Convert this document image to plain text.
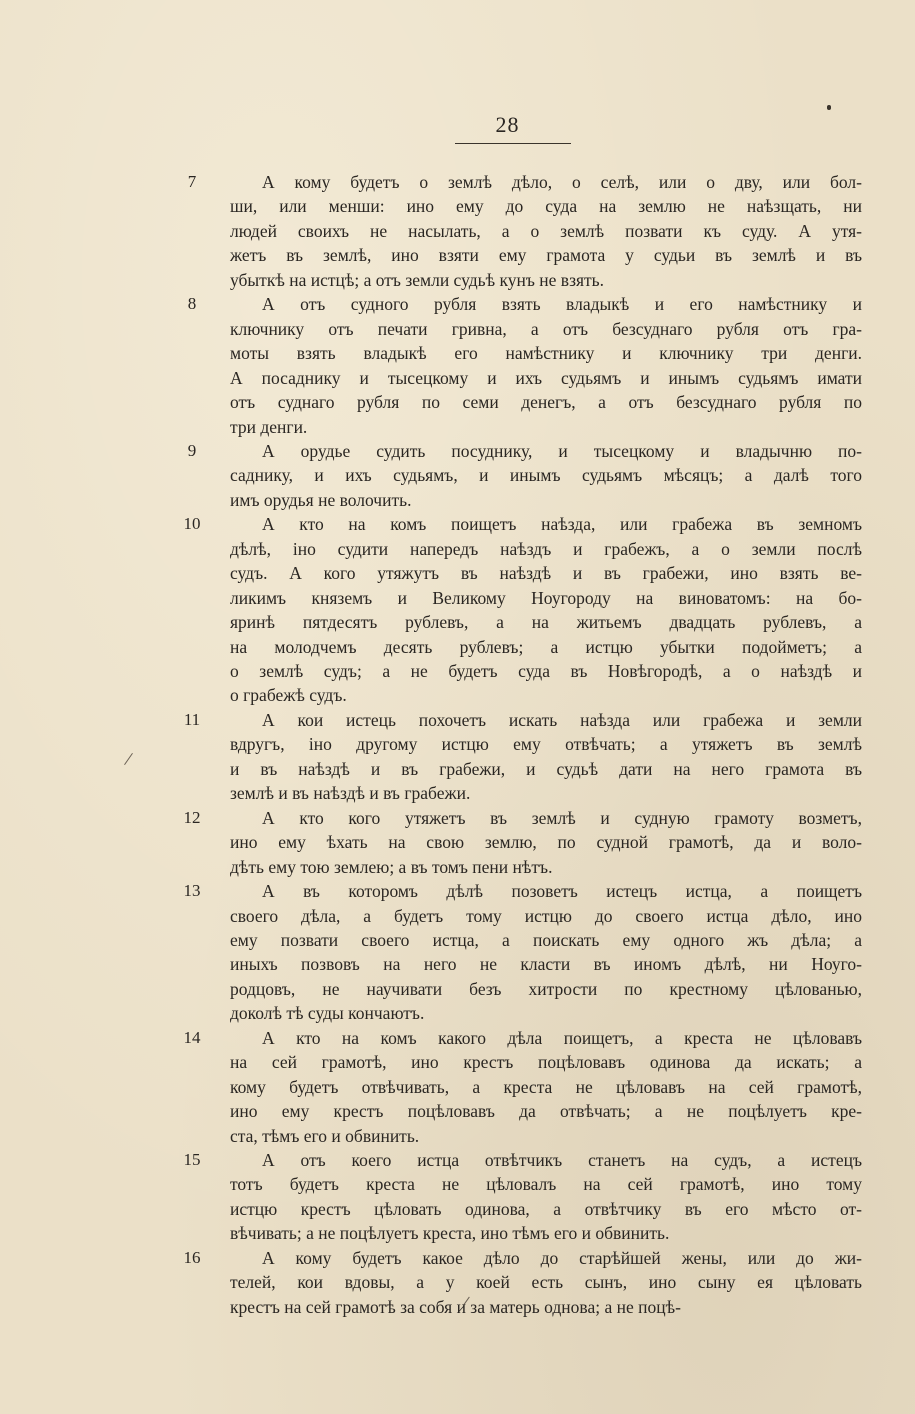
28
7	А кому будетъ о землѣ дѣло, о селѣ, или о дву, или бол-
ши, или менши: ино ему до суда на землю не наѣзщать, ни
людей своихъ не насылать, а о землѣ позвати къ суду. А утя-
жетъ въ землѣ, ино взяти ему грамота у судьи въ землѣ и въ
убыткѣ на истцѣ; а отъ земли судьѣ кунъ не взять.
8	А отъ судного рубля взять владыкѣ и его намѣстнику и
ключнику отъ печати гривна, а отъ безсуднаго рубля отъ гра-
моты взять владыкѣ его намѣстнику и ключнику три денги.
А посаднику и тысецкому и ихъ судьямъ и инымъ судьямъ имати
отъ суднаго рубля по семи денегъ, а отъ безсуднаго рубля по
три денги.
9	А орудье судить посуднику, и тысецкому и владычню по-
саднику, и ихъ судьямъ, и инымъ судьямъ мѣсяцъ; а далѣ того
имъ орудья не волочить.
10	А кто на комъ поищетъ наѣзда, или грабежа въ земномъ
дѣлѣ, іно судити напередъ наѣздъ и грабежъ, а о земли послѣ
судъ. А кого утяжутъ въ наѣздѣ и въ грабежи, ино взять ве-
ликимъ княземъ и Великому Ноугороду на виноватомъ: на бо-
яринѣ пятдесятъ рублевъ, а на житьемъ двадцать рублевъ, а
на молодчемъ десять рублевъ; а истцю убытки подойметъ; а
о землѣ судъ; а не будетъ суда въ Новѣгородѣ, а о наѣздѣ и
о грабежѣ судъ.
11	А кои истець похочетъ искать наѣзда или грабежа и земли
вдругъ, іно другому истцю ему отвѣчать; а утяжетъ въ землѣ
и въ наѣздѣ и въ грабежи, и судьѣ дати на него грамота въ
землѣ и въ наѣздѣ и въ грабежи.
12	А кто кого утяжетъ въ землѣ и судную грамоту возметъ,
ино ему ѣхать на свою землю, по судной грамотѣ, да и воло-
дѣть ему тою землею; а въ томъ пени нѣтъ.
13	А въ которомъ дѣлѣ позоветъ истецъ истца, а поищетъ
своего дѣла, а будетъ тому истцю до своего истца дѣло, ино
ему позвати своего истца, а поискать ему одного жъ дѣла; а
иныхъ позвовъ на него не класти въ иномъ дѣлѣ, ни Ноуго-
родцовъ, не научивати безъ хитрости по крестному цѣлованью,
доколѣ тѣ суды кончаютъ.
14	А кто на комъ какого дѣла поищетъ, а креста не цѣловавъ
на сей грамотѣ, ино крестъ поцѣловавъ одинова да искать; а
кому будетъ отвѣчивать, а креста не цѣловавъ на сей грамотѣ,
ино ему крестъ поцѣловавъ да отвѣчать; а не поцѣлуетъ кре-
ста, тѣмъ его и обвинить.
15	А отъ коего истца отвѣтчикъ станетъ на судъ, а истецъ
тотъ будетъ креста не цѣловалъ на сей грамотѣ, ино тому
истцю крестъ цѣловать одинова, а отвѣтчику въ его мѣсто от-
вѣчивать; а не поцѣлуетъ креста, ино тѣмъ его и обвинить.
16	А кому будетъ какое дѣло до старѣйшей жены, или до жи-
телей, кои вдовы, а у коей есть сынъ, ино сыну ея цѣловать
крестъ на сей грамотѣ за собя и за матерь однова; а не поцѣ-
